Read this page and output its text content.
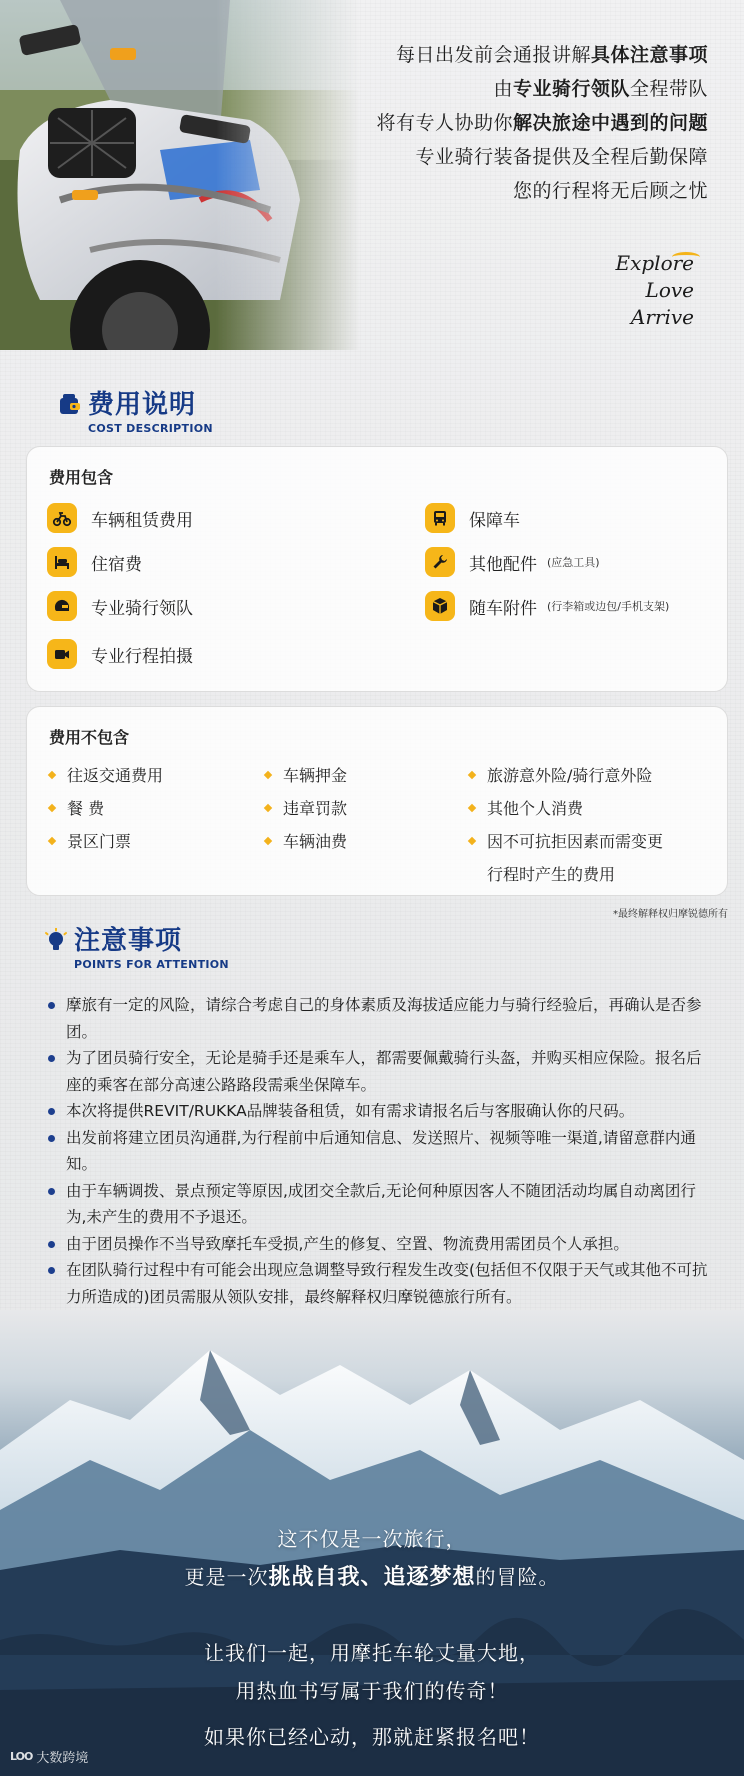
每日出发前会通报讲解具体注意事项

由专业骑行领队全程带队

将有专人协助你解决旅途中遇到的问题

专业骑行装备提供及全程后勤保障

您的行程将无后顾之忧

Explore
Love
Arrive
费用说明
COST DESCRIPTION
费用包含
车辆租赁费用	保障车
住宿费	其他配件 (应急工具)
专业骑行领队	随车附件 (行李箱或边包/手机支架)
专业行程拍摄
费用不包含
往返交通费用	车辆押金	旅游意外险/骑行意外险
餐 费	违章罚款	其他个人消费
景区门票	车辆油费	因不可抗拒因素而需变更
行程时产生的费用
*最终解释权归摩锐德所有
注意事项
POINTS FOR ATTENTION
摩旅有一定的风险，请综合考虑自己的身体素质及海拔适应能力与骑行经验后，再确认是否参团。
为了团员骑行安全，无论是骑手还是乘车人，都需要佩戴骑行头盔，并购买相应保险。报名后座的乘客在部分高速公路路段需乘坐保障车。
本次将提供REVIT/RUKKA品牌装备租赁，如有需求请报名后与客服确认你的尺码。
出发前将建立团员沟通群,为行程前中后通知信息、发送照片、视频等唯一渠道,请留意群内通知。
由于车辆调拨、景点预定等原因,成团交全款后,无论何种原因客人不随团活动均属自动离团行为,未产生的费用不予退还。
由于团员操作不当导致摩托车受损,产生的修复、空置、物流费用需团员个人承担。
在团队骑行过程中有可能会出现应急调整导致行程发生改变(包括但不仅限于天气或其他不可抗力所造成的)团员需服从领队安排，最终解释权归摩锐德旅行所有。

这不仅是一次旅行，

更是一次挑战自我、追逐梦想的冒险。

让我们一起，用摩托车轮丈量大地，

用热血书写属于我们的传奇！

如果你已经心动，那就赶紧报名吧！

LOO 大数跨境
